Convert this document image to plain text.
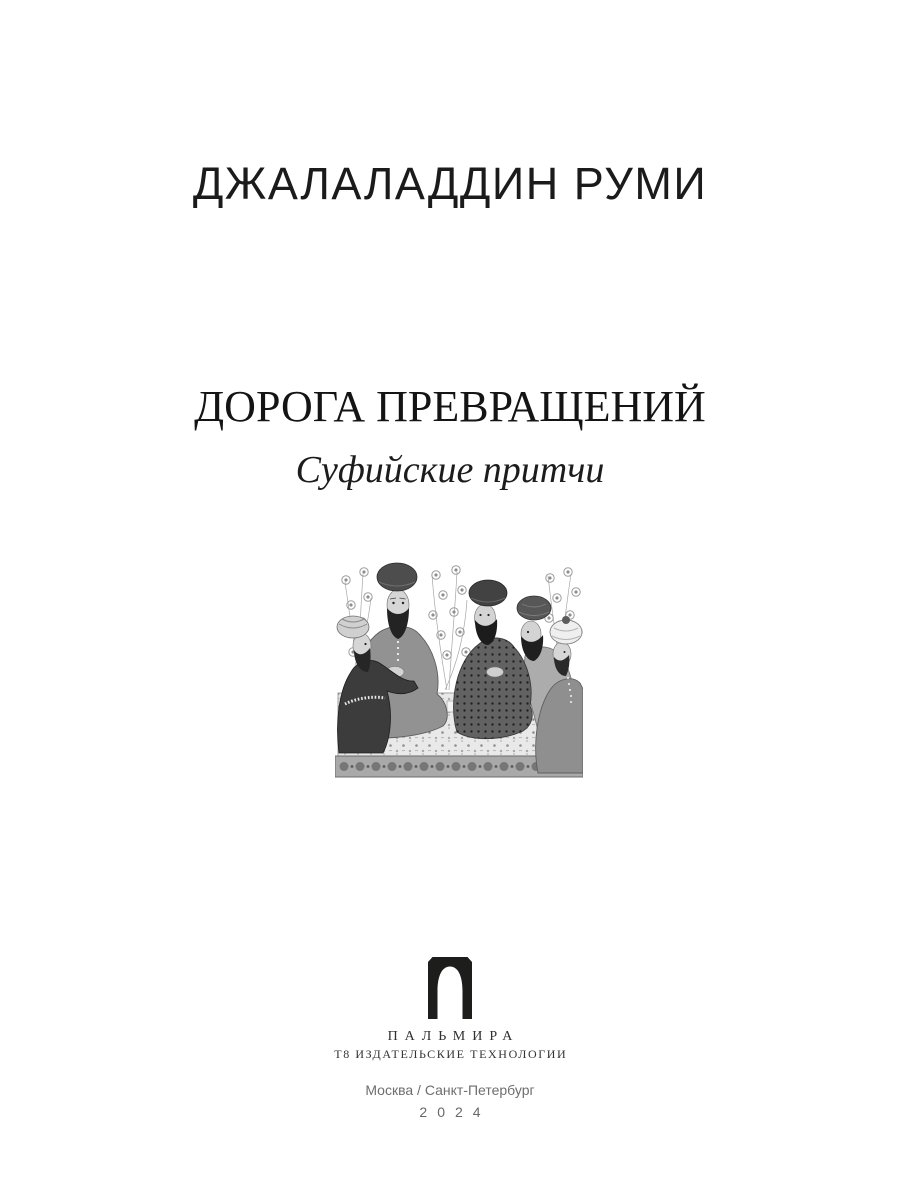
ДЖАЛАЛАДДИН РУМИ
ДОРОГА ПРЕВРАЩЕНИЙ
Суфийские притчи
ПАЛЬМИРА
Т8 ИЗДАТЕЛЬСКИЕ ТЕХНОЛОГИИ
Москва / Санкт-Петербург
2024
